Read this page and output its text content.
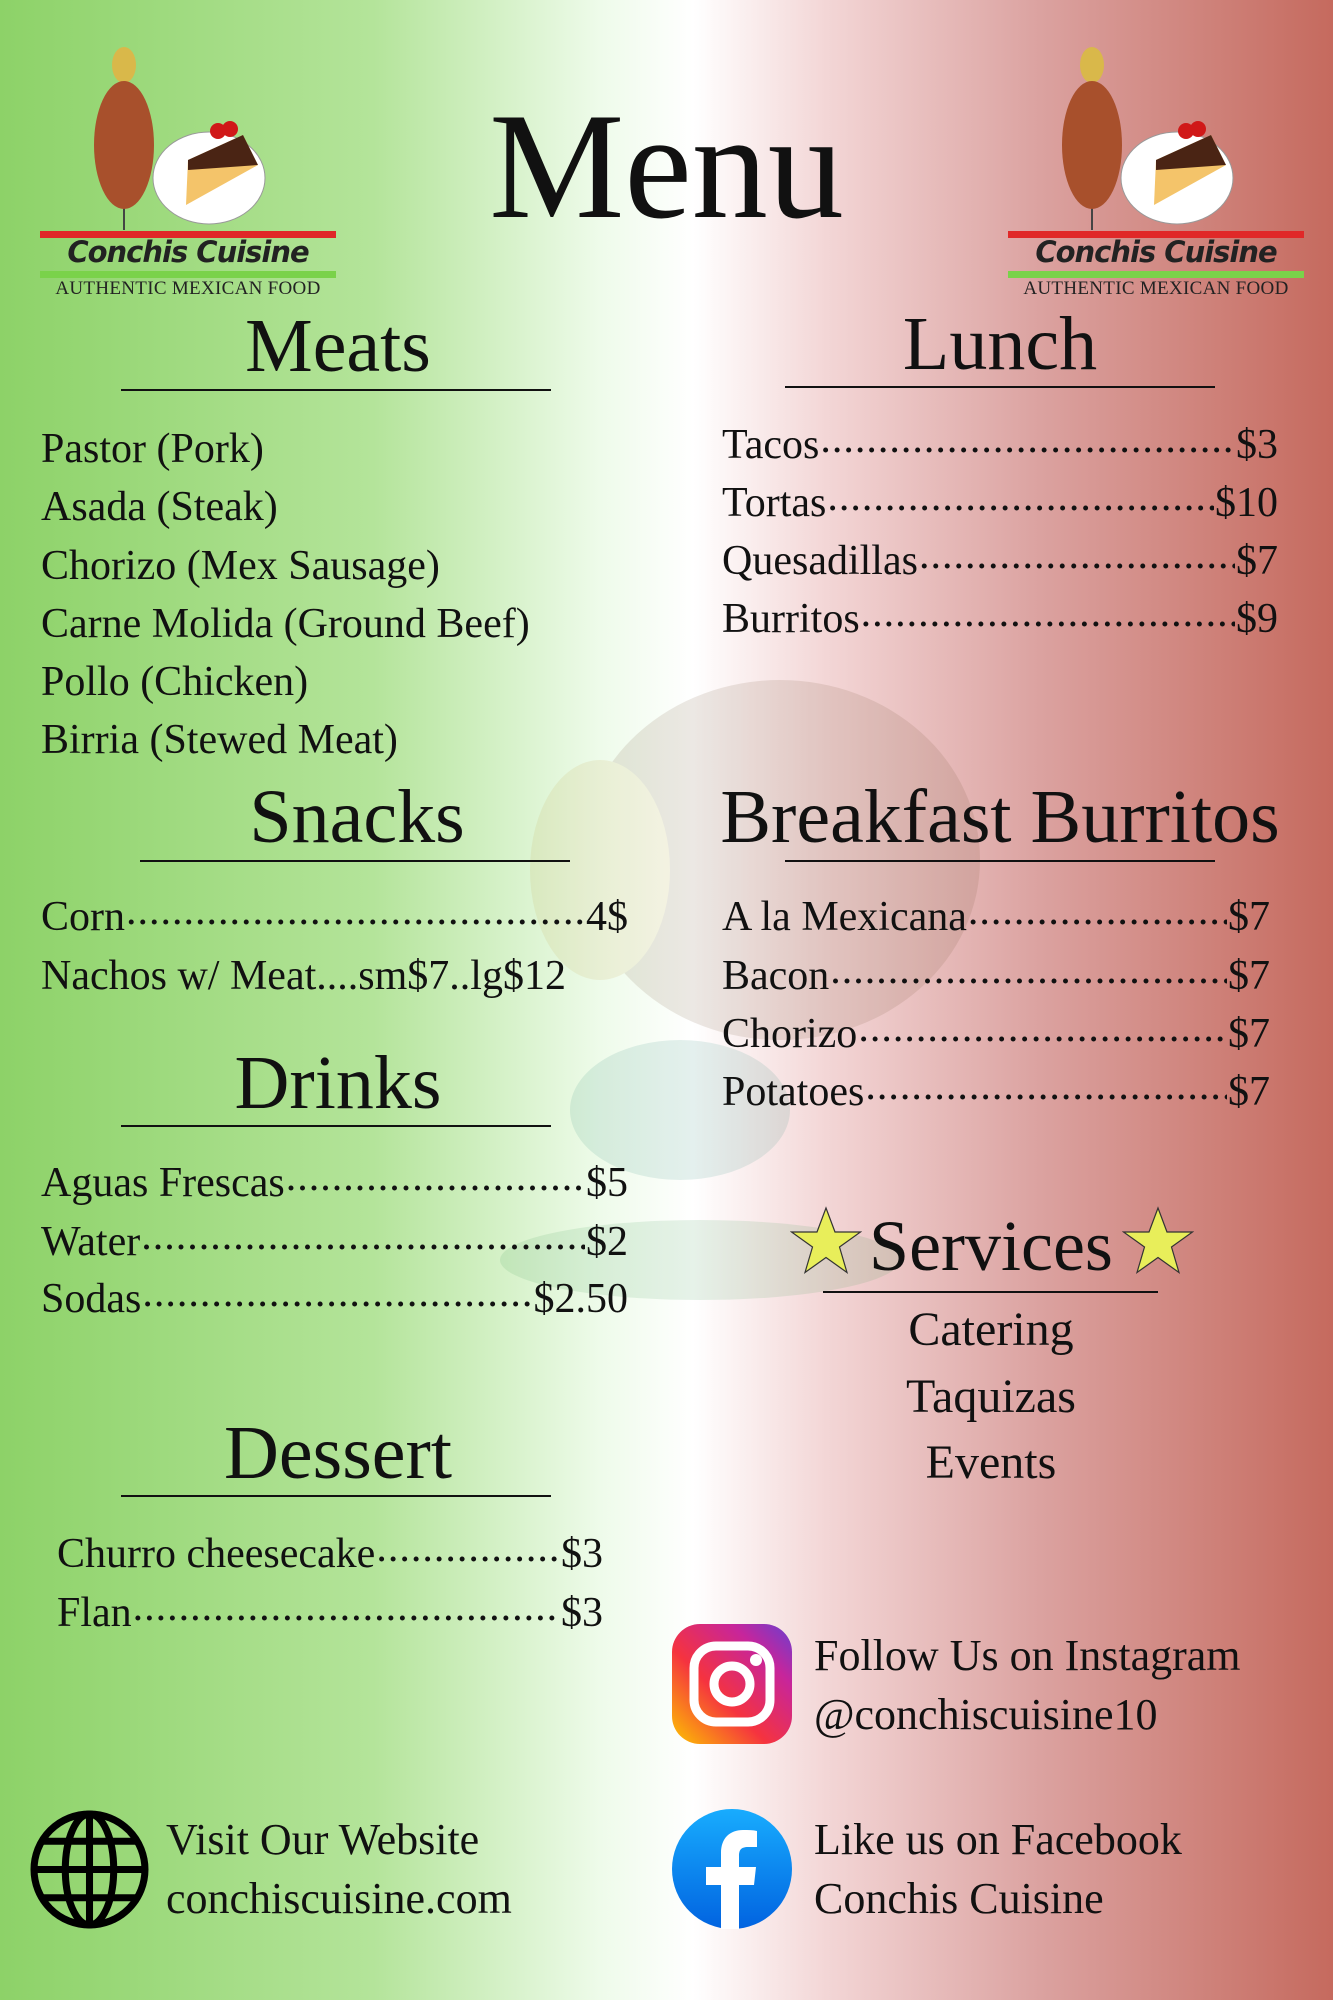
Conchis Cuisine
AUTHENTIC MEXICAN FOOD
Conchis Cuisine
AUTHENTIC MEXICAN FOOD
Menu
Meats
Pastor (Pork)
Asada (Steak)
Chorizo (Mex Sausage)
Carne Molida (Ground Beef)
Pollo (Chicken)
Birria (Stewed Meat)
Lunch
Tacos .....	$3
Tortas .....	$10
Quesadillas .....	$7
Burritos .....	$9
Snacks
Corn .....	4$
Nachos w/ Meat....sm$7..lg$12
Breakfast Burritos
A la Mexicana .....	$7
Bacon .....	$7
Chorizo .....	$7
Potatoes .....	$7
Drinks
Aguas Frescas .....	$5
Water .....	$2
Sodas .....	$2.50
Services
Catering
Taquizas
Events
Dessert
Churro cheesecake .....	$3
Flan .....	$3
Follow Us on Instagram
@conchiscuisine10
Visit Our Website
conchiscuisine.com
Like us on Facebook
Conchis Cuisine
